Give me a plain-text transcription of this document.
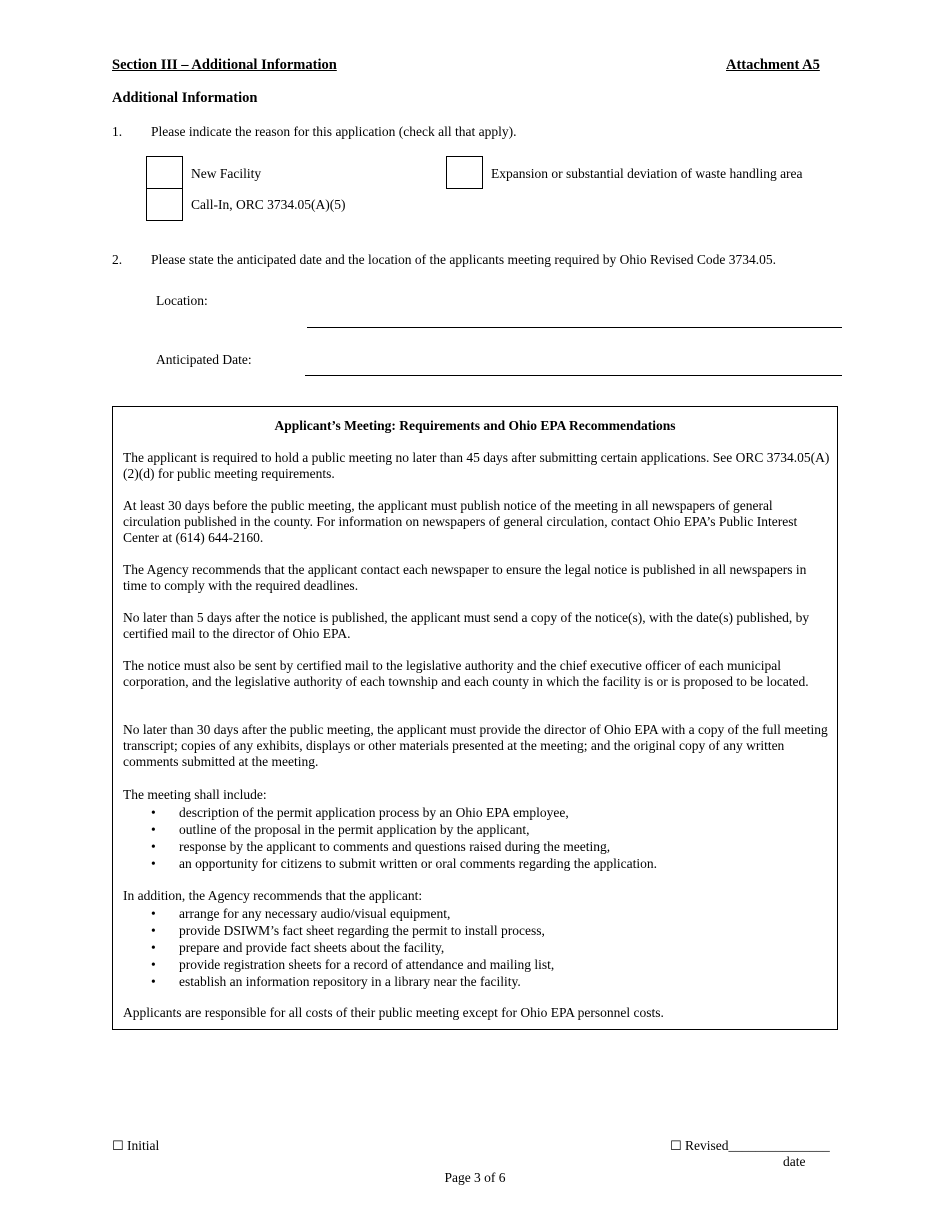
Section III – Additional Information	Attachment A5
Additional Information
1. Please indicate the reason for this application (check all that apply).
New Facility
Call-In, ORC 3734.05(A)(5)
Expansion or substantial deviation of waste handling area
2. Please state the anticipated date and the location of the applicants meeting required by Ohio Revised Code 3734.05.
Location:
Anticipated Date:
Applicant’s Meeting: Requirements and Ohio EPA Recommendations

The applicant is required to hold a public meeting no later than 45 days after submitting certain applications. See ORC 3734.05(A)(2)(d) for public meeting requirements.

At least 30 days before the public meeting, the applicant must publish notice of the meeting in all newspapers of general circulation published in the county. For information on newspapers of general circulation, contact Ohio EPA’s Public Interest Center at (614) 644-2160.

The Agency recommends that the applicant contact each newspaper to ensure the legal notice is published in all newspapers in time to comply with the required deadlines.

No later than 5 days after the notice is published, the applicant must send a copy of the notice(s), with the date(s) published, by certified mail to the director of Ohio EPA.

The notice must also be sent by certified mail to the legislative authority and the chief executive officer of each municipal corporation, and the legislative authority of each township and each county in which the facility is or is proposed to be located.

No later than 30 days after the public meeting, the applicant must provide the director of Ohio EPA with a copy of the full meeting transcript; copies of any exhibits, displays or other materials presented at the meeting; and the original copy of any written comments submitted at the meeting.

The meeting shall include:

• description of the permit application process by an Ohio EPA employee,
• outline of the proposal in the permit application by the applicant,
• response by the applicant to comments and questions raised during the meeting,
• an opportunity for citizens to submit written or oral comments regarding the application.

In addition, the Agency recommends that the applicant:

• arrange for any necessary audio/visual equipment,
• provide DSIWM’s fact sheet regarding the permit to install process,
• prepare and provide fact sheets about the facility,
• provide registration sheets for a record of attendance and mailing list,
• establish an information repository in a library near the facility.

Applicants are responsible for all costs of their public meeting except for Ohio EPA personnel costs.

☐ Initial	☐ Revised_______________
date
Page 3 of 6
